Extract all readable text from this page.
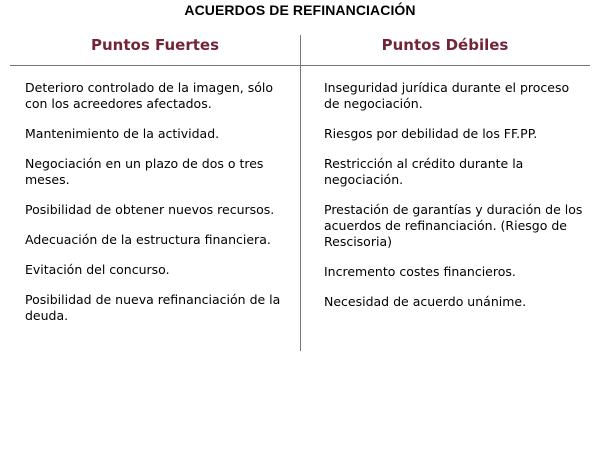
ACUERDOS DE REFINANCIACIÓN
Puntos Fuertes	Puntos Débiles
Deterioro controlado de la imagen, sólo con los acreedores afectados.
Mantenimiento de la actividad.
Negociación en un plazo de dos o tres meses.
Posibilidad de obtener nuevos recursos.
Adecuación de la estructura financiera.
Evitación del concurso.
Posibilidad de nueva refinanciación de la deuda.
Inseguridad jurídica durante el proceso de negociación.
Riesgos por debilidad de los FF.PP.
Restricción al crédito durante la negociación.
Prestación de garantías y duración de los acuerdos de refinanciación. (Riesgo de Rescisoria)
Incremento costes financieros.
Necesidad de acuerdo unánime.
